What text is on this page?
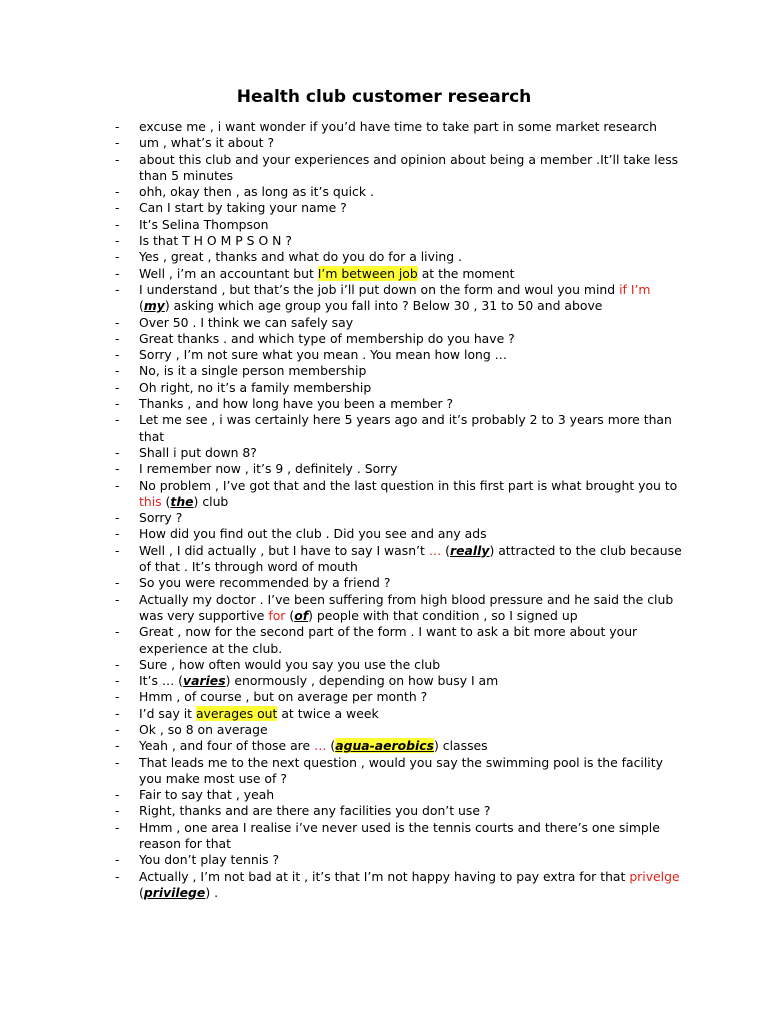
Health club customer research
- excuse me , i want wonder if you’d have time to take part in some market research
- um , what’s it about ?
- about this club and your experiences and opinion about being a member .It’ll take less than 5 minutes
- ohh, okay then , as long as it’s quick .
- Can I start by taking your name ?
- It’s Selina Thompson
- Is that T H O M P S O N ?
- Yes , great , thanks and what do you do for a living .
- Well , i’m an accountant but I’m between job at the moment
- I understand , but that’s the job i’ll put down on the form and woul you mind if I’m (my) asking which age group you fall into ? Below 30 , 31 to 50 and above
- Over 50 . I think we can safely say
- Great thanks . and which type of membership do you have ?
- Sorry , I’m not sure what you mean . You mean how long …
- No, is it a single person membership
- Oh right, no it’s a family membership
- Thanks , and how long have you been a member ?
- Let me see , i was certainly here 5 years ago and it’s probably 2 to 3 years more than that
- Shall i put down 8?
- I remember now , it’s 9 , definitely . Sorry
- No problem , I’ve got that and the last question in this first part is what brought you to this (the) club
- Sorry ?
- How did you find out the club . Did you see and any ads
- Well , I did actually , but I have to say I wasn’t … (really) attracted to the club because of that . It’s through word of mouth
- So you were recommended by a friend ?
- Actually my doctor . I’ve been suffering from high blood pressure and he said the club was very supportive for (of) people with that condition , so I signed up
- Great , now for the second part of the form . I want to ask a bit more about your experience at the club.
- Sure , how often would you say you use the club
- It’s … (varies) enormously , depending on how busy I am
- Hmm , of course , but on average per month ?
- I’d say it averages out at twice a week
- Ok , so 8 on average
- Yeah , and four of those are … (agua-aerobics) classes
- That leads me to the next question , would you say the swimming pool is the facility you make most use of ?
- Fair to say that , yeah
- Right, thanks and are there any facilities you don’t use ?
- Hmm , one area I realise i’ve never used is the tennis courts and there’s one simple reason for that
- You don’t play tennis ?
- Actually , I’m not bad at it , it’s that I’m not happy having to pay extra for that privelge (privilege) .
